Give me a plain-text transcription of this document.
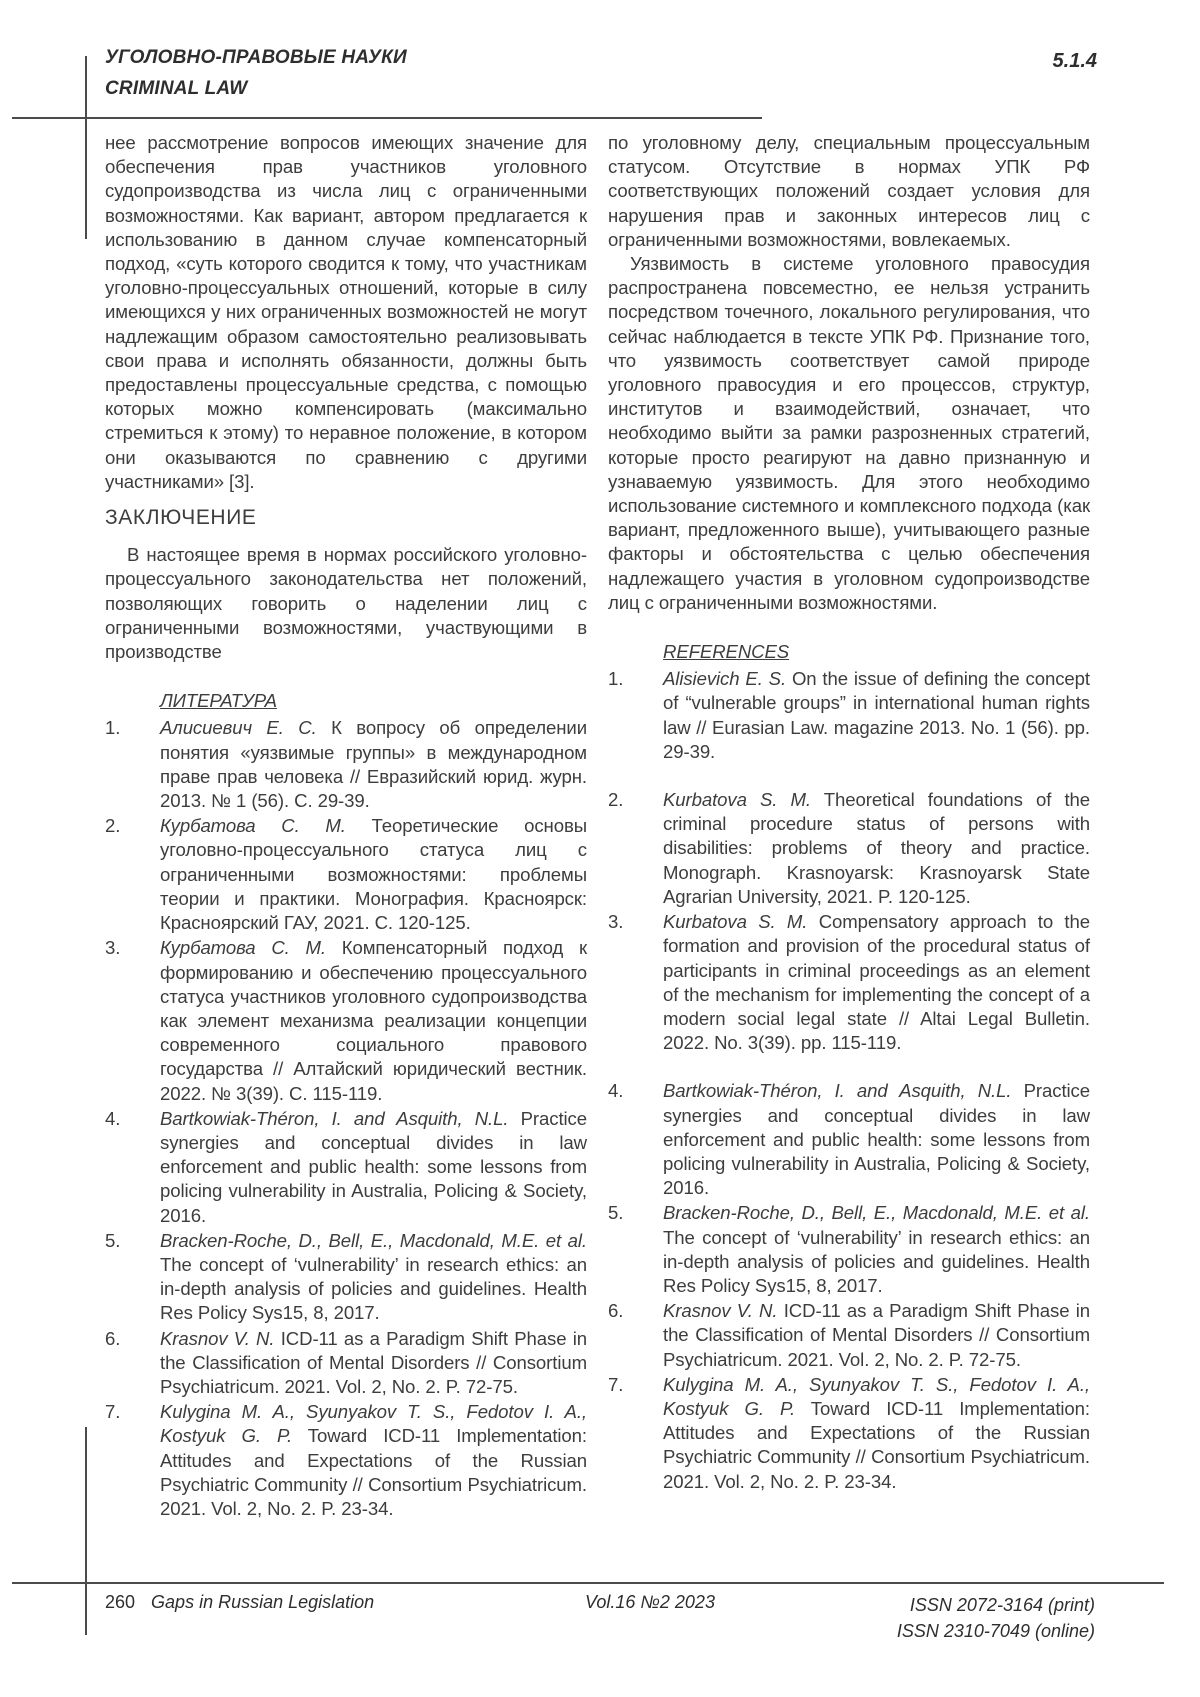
УГОЛОВНО-ПРАВОВЫЕ НАУКИ
CRIMINAL LAW
5.1.4

нее рассмотрение вопросов имеющих значение для обеспечения прав участников уголовного судопроизводства из числа лиц с ограниченными возможностями. Как вариант, автором предлагается к использованию в данном случае компенсаторный подход, «суть которого сводится к тому, что участникам уголовно-процессуальных отношений, которые в силу имеющихся у них ограниченных возможностей не могут надлежащим образом самостоятельно реализовывать свои права и исполнять обязанности, должны быть предоставлены процессуальные средства, с помощью которых можно компенсировать (максимально стремиться к этому) то неравное положение, в котором они оказываются по сравнению с другими участниками» [3].

ЗАКЛЮЧЕНИЕ

В настоящее время в нормах российского уголовно-процессуального законодательства нет положений, позволяющих говорить о наделении лиц с ограниченными возможностями, участвующими в производстве

ЛИТЕРАТУРА
1.	Алисиевич Е. С. К вопросу об определении понятия «уязвимые группы» в международном праве прав человека // Евразийский юрид. журн. 2013. № 1 (56). С. 29-39.
2.	Курбатова С. М. Теоретические основы уголовно-процессуального статуса лиц с ограниченными возможностями: проблемы теории и практики. Монография. Красноярск: Красноярский ГАУ, 2021. С. 120-125.
3.	Курбатова С. М. Компенсаторный подход к формированию и обеспечению процессуального статуса участников уголовного судопроизводства как элемент механизма реализации концепции современного социального правового государства // Алтайский юридический вестник. 2022. № 3(39). С. 115-119.
4.	Bartkowiak-Théron, I. and Asquith, N.L. Practice synergies and conceptual divides in law enforcement and public health: some lessons from policing vulnerability in Australia, Policing & Society, 2016.
5.	Bracken-Roche, D., Bell, E., Macdonald, M.E. et al. The concept of ‘vulnerability’ in research ethics: an in-depth analysis of policies and guidelines. Health Res Policy Sys15, 8, 2017.
6.	Krasnov V. N. ICD-11 as a Paradigm Shift Phase in the Classification of Mental Disorders // Consortium Psychiatricum. 2021. Vol. 2, No. 2. P. 72-75.
7.	Kulygina M. A., Syunyakov T. S., Fedotov I. A., Kostyuk G. P. Toward ICD-11 Implementation: Attitudes and Expectations of the Russian Psychiatric Community // Consortium Psychiatricum. 2021. Vol. 2, No. 2. P. 23-34.

по уголовному делу, специальным процессуальным статусом. Отсутствие в нормах УПК РФ соответствующих положений создает условия для нарушения прав и законных интересов лиц с ограниченными возможностями, вовлекаемых.

Уязвимость в системе уголовного правосудия распространена повсеместно, ее нельзя устранить посредством точечного, локального регулирования, что сейчас наблюдается в тексте УПК РФ. Признание того, что уязвимость соответствует самой природе уголовного правосудия и его процессов, структур, институтов и взаимодействий, означает, что необходимо выйти за рамки разрозненных стратегий, которые просто реагируют на давно признанную и узнаваемую уязвимость. Для этого необходимо использование системного и комплексного подхода (как вариант, предложенного выше), учитывающего разные факторы и обстоятельства с целью обеспечения надлежащего участия в уголовном судопроизводстве лиц с ограниченными возможностями.

REFERENCES
1.	Alisievich E. S. On the issue of defining the concept of “vulnerable groups” in international human rights law // Eurasian Law. magazine 2013. No. 1 (56). pp. 29-39.
2.	Kurbatova S. M. Theoretical foundations of the criminal procedure status of persons with disabilities: problems of theory and practice. Monograph. Krasnoyarsk: Krasnoyarsk State Agrarian University, 2021. P. 120-125.
3.	Kurbatova S. M. Compensatory approach to the formation and provision of the procedural status of participants in criminal proceedings as an element of the mechanism for implementing the concept of a modern social legal state // Altai Legal Bulletin. 2022. No. 3(39). pp. 115-119.
4.	Bartkowiak-Théron, I. and Asquith, N.L. Practice synergies and conceptual divides in law enforcement and public health: some lessons from policing vulnerability in Australia, Policing & Society, 2016.
5.	Bracken-Roche, D., Bell, E., Macdonald, M.E. et al. The concept of ‘vulnerability’ in research ethics: an in-depth analysis of policies and guidelines. Health Res Policy Sys15, 8, 2017.
6.	Krasnov V. N. ICD-11 as a Paradigm Shift Phase in the Classification of Mental Disorders // Consortium Psychiatricum. 2021. Vol. 2, No. 2. P. 72-75.
7.	Kulygina M. A., Syunyakov T. S., Fedotov I. A., Kostyuk G. P. Toward ICD-11 Implementation: Attitudes and Expectations of the Russian Psychiatric Community // Consortium Psychiatricum. 2021. Vol. 2, No. 2. P. 23-34.
260 Gaps in Russian Legislation	Vol.16 №2 2023	ISSN 2072-3164 (print)
ISSN 2310-7049 (online)
